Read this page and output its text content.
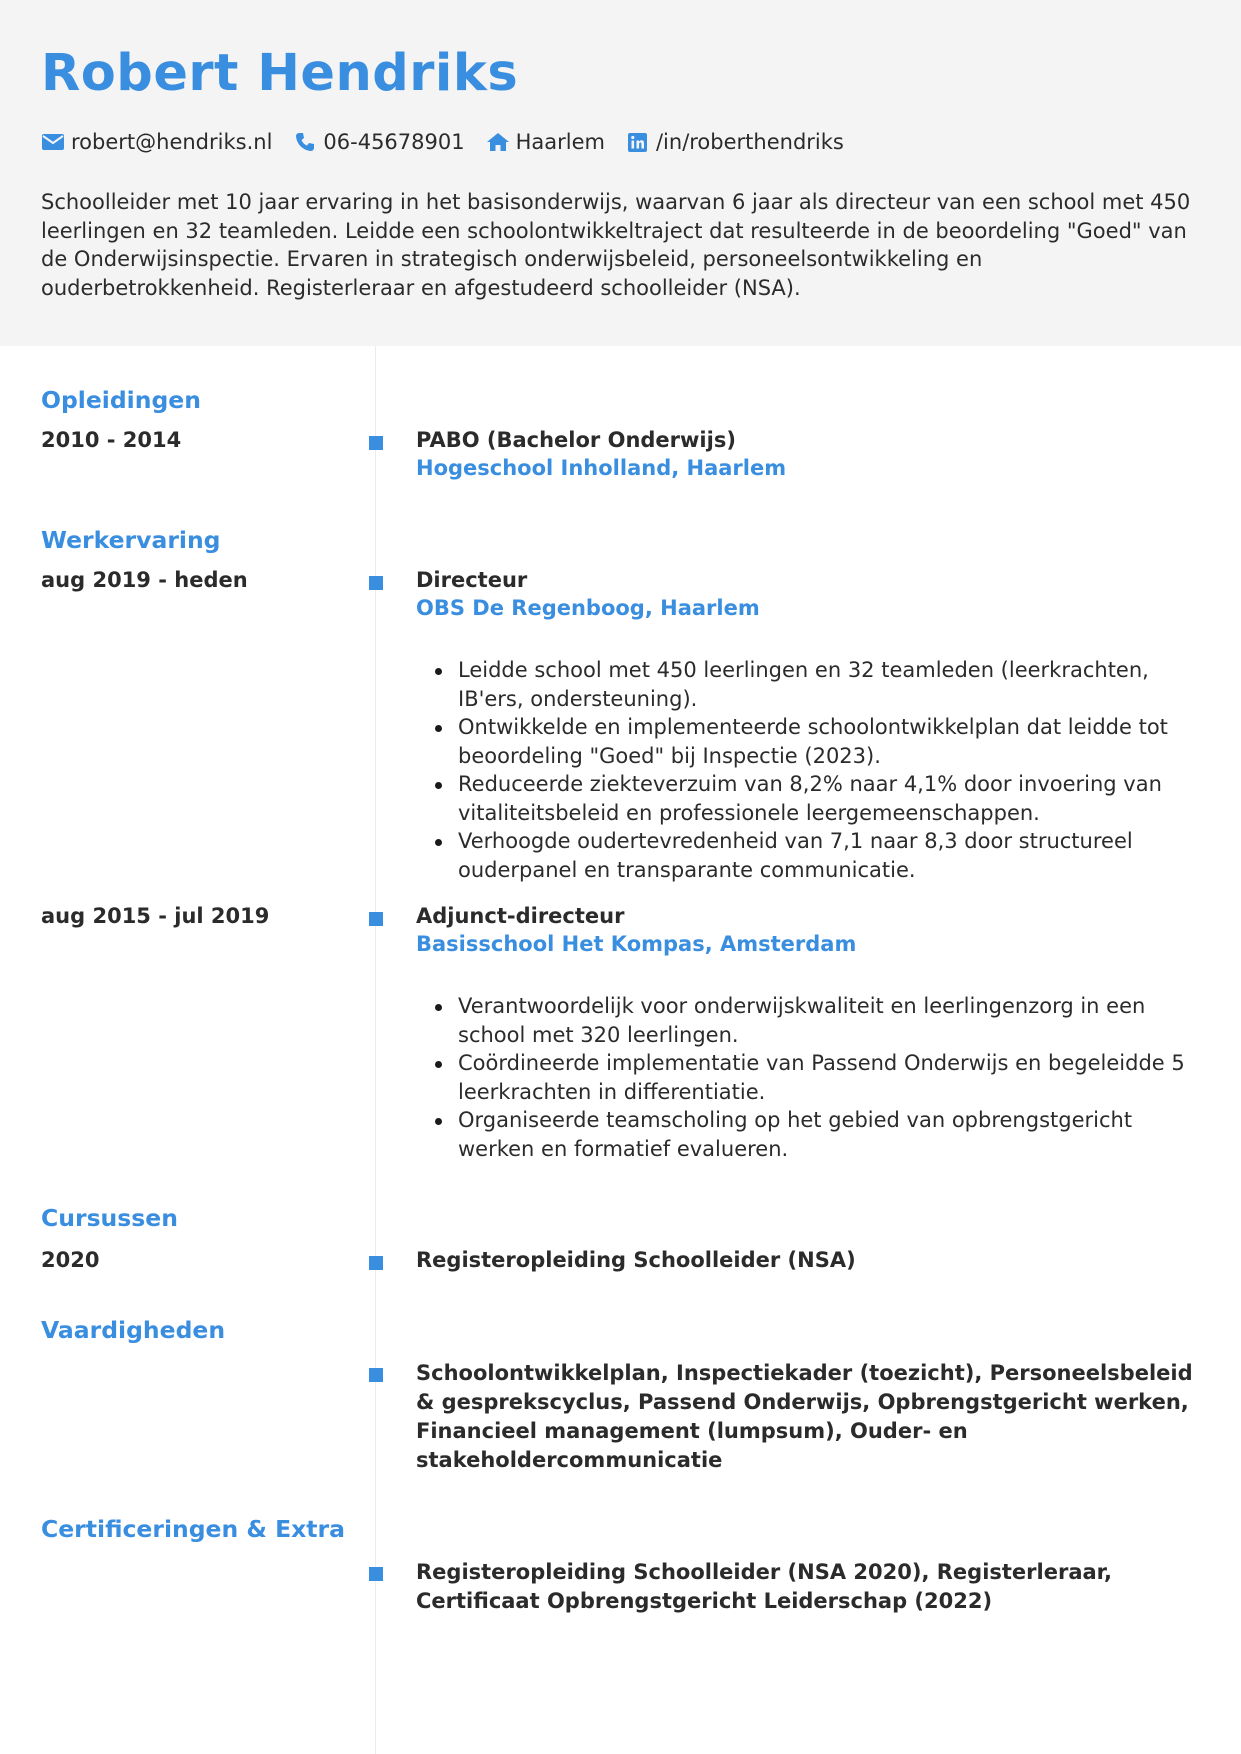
Robert Hendriks
robert@hendriks.nl 06-45678901 Haarlem /in/roberthendriks

Schoolleider met 10 jaar ervaring in het basisonderwijs, waarvan 6 jaar als directeur van een school met 450 leerlingen en 32 teamleden. Leidde een schoolontwikkeltraject dat resulteerde in de beoordeling "Goed" van de Onderwijsinspectie. Ervaren in strategisch onderwijsbeleid, personeelsontwikkeling en ouderbetrokkenheid. Registerleraar en afgestudeerd schoolleider (NSA).

Opleidingen
2010 - 2014	PABO (Bachelor Onderwijs)
Hogeschool Inholland, Haarlem
Werkervaring
aug 2019 - heden	Directeur
OBS De Regenboog, Haarlem
Leidde school met 450 leerlingen en 32 teamleden (leerkrachten, IB'ers, ondersteuning).
Ontwikkelde en implementeerde schoolontwikkelplan dat leidde tot beoordeling "Goed" bij Inspectie (2023).
Reduceerde ziekteverzuim van 8,2% naar 4,1% door invoering van vitaliteitsbeleid en professionele leergemeenschappen.
Verhoogde oudertevredenheid van 7,1 naar 8,3 door structureel ouderpanel en transparante communicatie.
aug 2015 - jul 2019	Adjunct-directeur
Basisschool Het Kompas, Amsterdam
Verantwoordelijk voor onderwijskwaliteit en leerlingenzorg in een school met 320 leerlingen.
Coördineerde implementatie van Passend Onderwijs en begeleidde 5 leerkrachten in differentiatie.
Organiseerde teamscholing op het gebied van opbrengstgericht werken en formatief evalueren.
Cursussen
2020	Registeropleiding Schoolleider (NSA)
Vaardigheden

Schoolontwikkelplan, Inspectiekader (toezicht), Personeelsbeleid & gesprekscyclus, Passend Onderwijs, Opbrengstgericht werken, Financieel management (lumpsum), Ouder- en stakeholdercommunicatie

Certificeringen & Extra

Registeropleiding Schoolleider (NSA 2020), Registerleraar, Certificaat Opbrengstgericht Leiderschap (2022)
